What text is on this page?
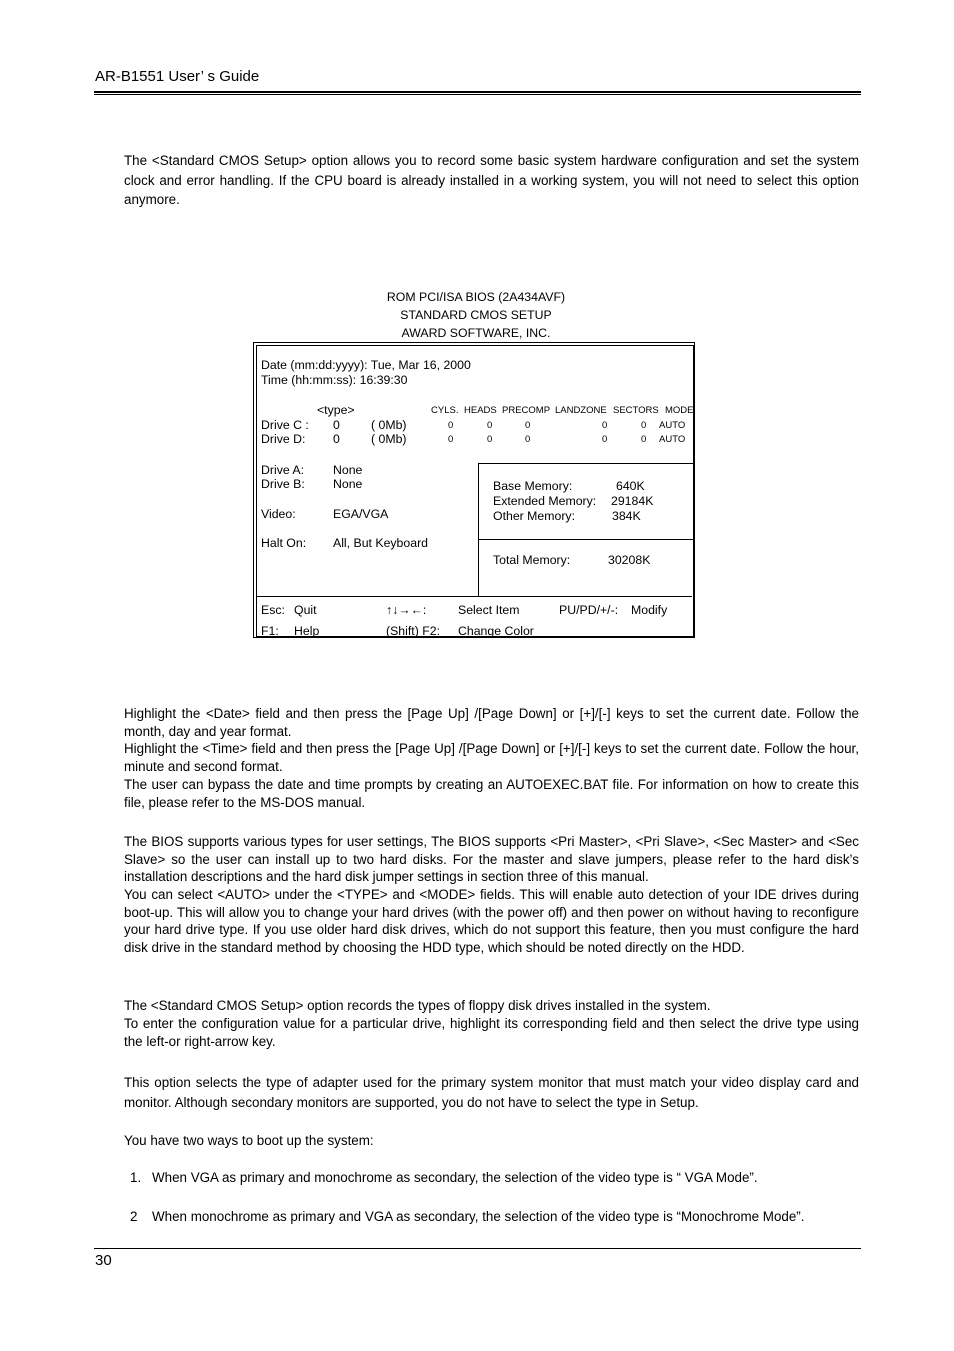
AR-B1551 User’ s Guide
The <Standard CMOS Setup> option allows you to record some basic system hardware configuration and set the system clock and error handling. If the CPU board is already installed in a working system, you will not need to select this option anymore.
ROM PCI/ISA BIOS (2A434AVF)
STANDARD CMOS SETUP
AWARD SOFTWARE, INC.
Date (mm:dd:yyyy): Tue, Mar 16, 2000
Time (hh:mm:ss): 16:39:30
<type>	CYLS. HEADS PRECOMP LANDZONE SECTORS MODE
Drive C : 0	( 0Mb)	0	0	0	0	0 AUTO
Drive D: 0	( 0Mb)	0	0	0	0	0 AUTO
Drive A: None
Drive B: None
Video:	EGA/VGA
Halt On: All, But Keyboard
Base Memory:	640K
Extended Memory: 29184K
Other Memory:	384K
Total Memory:	30208K
Esc: Quit	↑↓→←:	Select Item	PU/PD/+/-: Modify
F1: Help	(Shift) F2: Change Color
Highlight the <Date> field and then press the [Page Up] /[Page Down] or [+]/[-] keys to set the current date. Follow the month, day and year format.
Highlight the <Time> field and then press the [Page Up] /[Page Down] or [+]/[-] keys to set the current date. Follow the hour, minute and second format.
The user can bypass the date and time prompts by creating an AUTOEXEC.BAT file. For information on how to create this file, please refer to the MS-DOS manual.
The BIOS supports various types for user settings, The BIOS supports <Pri Master>, <Pri Slave>, <Sec Master> and <Sec Slave> so the user can install up to two hard disks. For the master and slave jumpers, please refer to the hard disk’s installation descriptions and the hard disk jumper settings in section three of this manual.
You can select <AUTO> under the <TYPE> and <MODE> fields. This will enable auto detection of your IDE drives during boot-up. This will allow you to change your hard drives (with the power off) and then power on without having to reconfigure your hard drive type. If you use older hard disk drives, which do not support this feature, then you must configure the hard disk drive in the standard method by choosing the HDD type, which should be noted directly on the HDD.
The <Standard CMOS Setup> option records the types of floppy disk drives installed in the system.
To enter the configuration value for a particular drive, highlight its corresponding field and then select the drive type using the left-or right-arrow key.
This option selects the type of adapter used for the primary system monitor that must match your video display card and monitor. Although secondary monitors are supported, you do not have to select the type in Setup.
You have two ways to boot up the system:
1. When VGA as primary and monochrome as secondary, the selection of the video type is “ VGA Mode”.
2 When monochrome as primary and VGA as secondary, the selection of the video type is “Monochrome Mode”.
30
